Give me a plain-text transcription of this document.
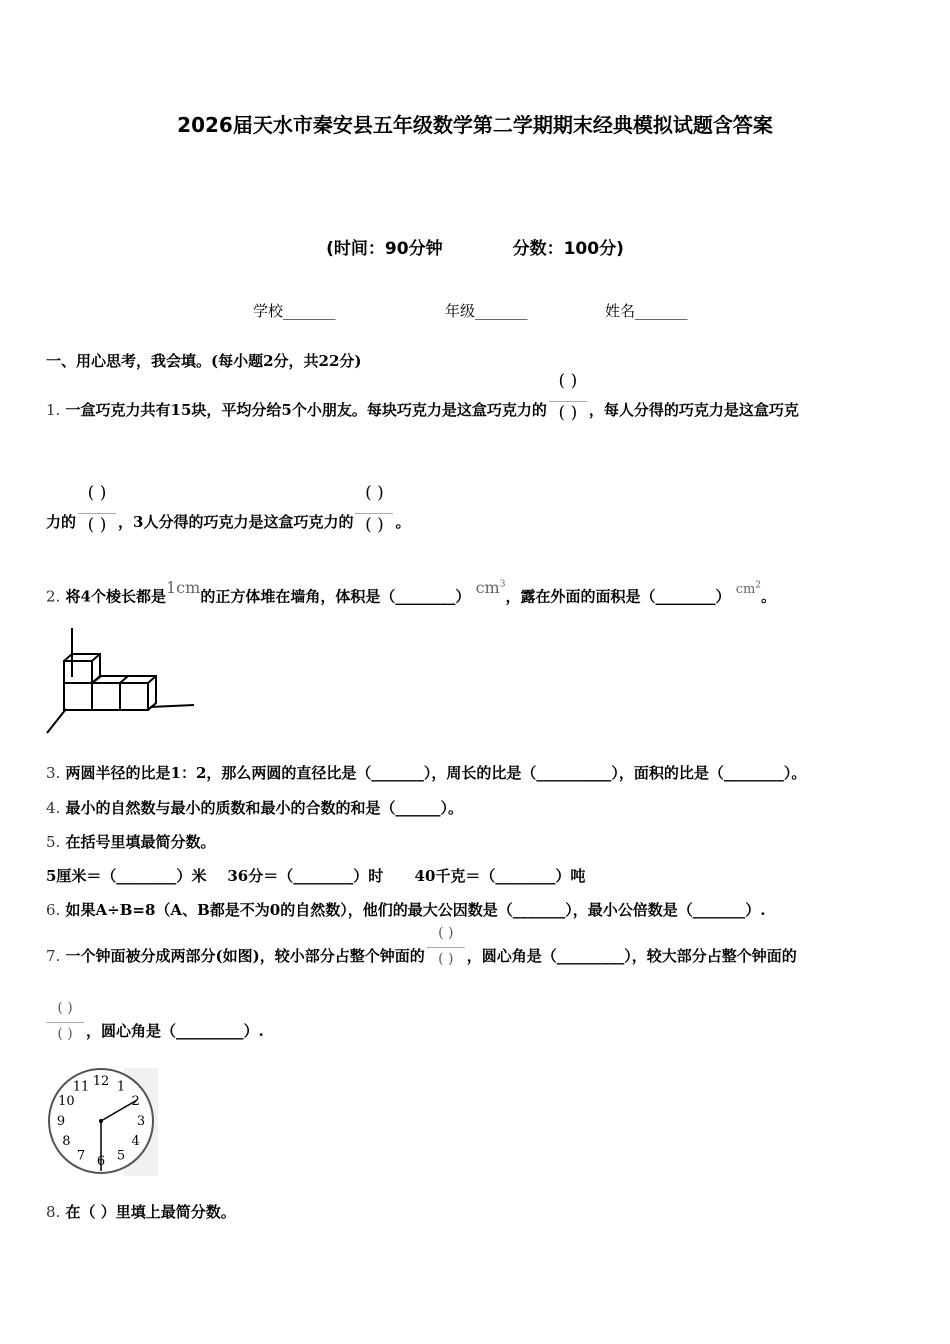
2026届天水市秦安县五年级数学第二学期期末经典模拟试题含答案
(时间：90分钟	分数：100分)
学校_______	年级_______	姓名_______
一、用心思考，我会填。(每小题2分，共22分)
1. 一盒巧克力共有15块，平均分给5个小朋友。每块巧克力是这盒巧克力的 $\frac{( )}{( )}$ ，每人分得的巧克力是这盒巧克
力的 $\frac{( )}{( )}$ ，3人分得的巧克力是这盒巧克力的 $\frac{( )}{( )}$ 。
2. 将4个棱长都是1cm的正方体堆在墙角，体积是（________） $cm^3$，露在外面的面积是（________） $cm^2$。
3. 两圆半径的比是1：2，那么两圆的直径比是（_______），周长的比是（__________），面积的比是（________）。
4. 最小的自然数与最小的质数和最小的合数的和是（______）。
5. 在括号里填最简分数。
5厘米＝（________）米    36分＝（________）时      40千克＝（________）吨
6. 如果A÷B=8（A、B都是不为0的自然数），他们的最大公因数是（_______），最小公倍数是（_______）.
7. 一个钟面被分成两部分(如图)，较小部分占整个钟面的 $\frac{( )}{( )}$ ，圆心角是（_________），较大部分占整个钟面的
$\frac{( )}{( )}$ ，圆心角是（_________）.
12 1
2
3
4
5
6
7
8
9
10
11
8. 在（ ）里填上最简分数。
